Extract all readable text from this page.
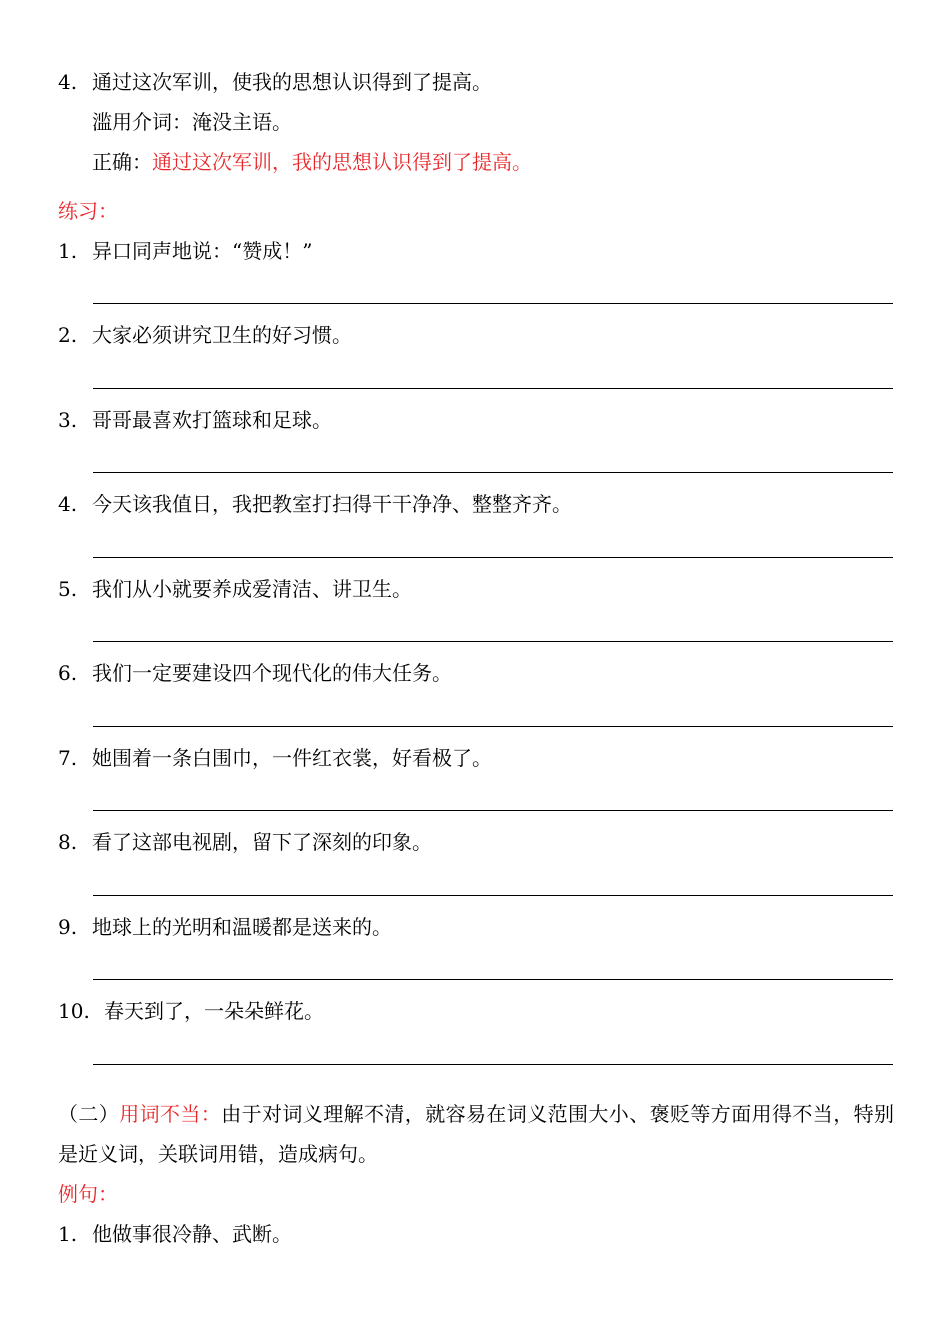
4. 通过这次军训，使我的思想认识得到了提高。
滥用介词：淹没主语。
正确：通过这次军训，我的思想认识得到了提高。
练习：
1. 异口同声地说：“赞成！”
2. 大家必须讲究卫生的好习惯。
3. 哥哥最喜欢打篮球和足球。
4. 今天该我值日，我把教室打扫得干干净净、整整齐齐。
5. 我们从小就要养成爱清洁、讲卫生。
6. 我们一定要建设四个现代化的伟大任务。
7. 她围着一条白围巾，一件红衣裳，好看极了。
8. 看了这部电视剧，留下了深刻的印象。
9. 地球上的光明和温暖都是送来的。
10. 春天到了，一朵朵鲜花。
（二）用词不当：由于对词义理解不清，就容易在词义范围大小、褒贬等方面用得不当，特别是近义词，关联词用错，造成病句。
例句：
1. 他做事很冷静、武断。
